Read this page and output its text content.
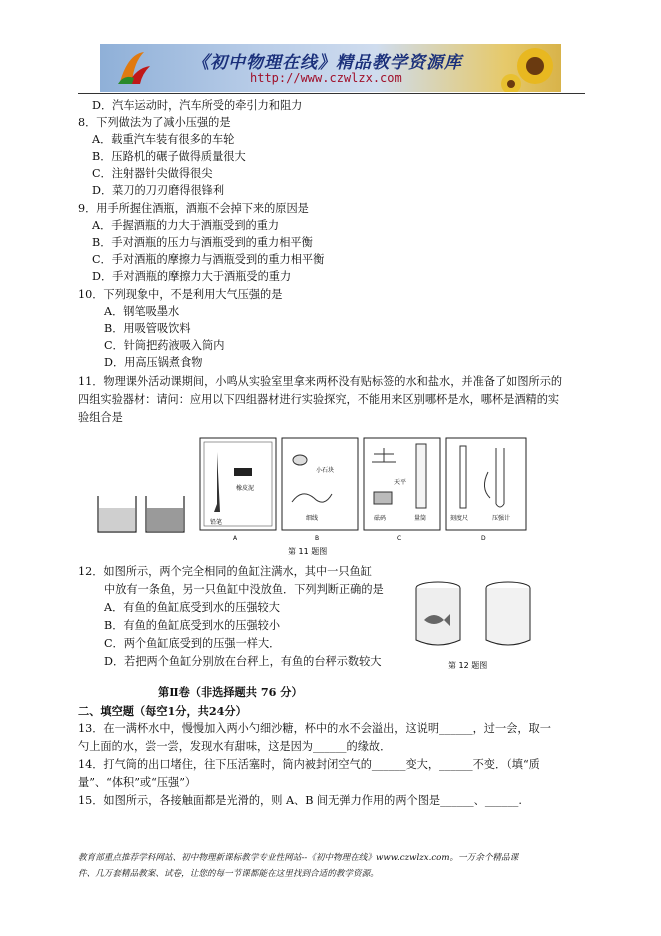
《初中物理在线》精品教学资源库
http://www.czwlzx.com
D．汽车运动时，汽车所受的牵引力和阻力
8．下列做法为了减小压强的是
A．载重汽车装有很多的车轮
B．压路机的碾子做得质量很大
C．注射器针尖做得很尖
D．菜刀的刀刃磨得很锋利
9．用手所握住酒瓶，酒瓶不会掉下来的原因是
A．手握酒瓶的力大于酒瓶受到的重力
B．手对酒瓶的压力与酒瓶受到的重力相平衡
C．手对酒瓶的摩擦力与酒瓶受到的重力相平衡
D．手对酒瓶的摩擦力大于酒瓶受的重力
10．下列现象中，不是利用大气压强的是
A．钢笔吸墨水
B．用吸管吸饮料
C．针筒把药液吸入筒内
D．用高压锅煮食物
11．物理课外活动课期间，小鸣从实验室里拿来两杯没有贴标签的水和盐水，并准备了如图所示的
四组实验器材：请问：应用以下四组器材进行实验探究，不能用来区别哪杯是水，哪杯是酒精的实
验组合是
橡皮泥
铅笔
小石块
细线
天平
砝码	量筒	刻度尺	压强计
A	B	C	D
第 11 题图
12．如图所示，两个完全相同的鱼缸注满水，其中一只鱼缸
中放有一条鱼，另一只鱼缸中没放鱼．下列判断正确的是
A．有鱼的鱼缸底受到水的压强较大
B．有鱼的鱼缸底受到水的压强较小
C．两个鱼缸底受到的压强一样大．
D．若把两个鱼缸分别放在台秤上，有鱼的台秤示数较大	第 12 题图
第Ⅱ卷（非选择题共 76 分）
二、填空题（每空1分，共24分）
13．在一满杯水中，慢慢加入两小勺细沙糖，杯中的水不会溢出，这说明______，过一会，取一
勺上面的水，尝一尝，发现水有甜味，这是因为______的缘故．
14．打气筒的出口堵住，往下压活塞时，筒内被封闭空气的______变大，______不变．（填“质
量”、“体积”或“压强”）
15．如图所示，各接触面都是光滑的，则 A、B 间无弹力作用的两个图是______、______.
教育部重点推荐学科网站、初中物理新课标教学专业性网站--《初中物理在线》www.czwlzx.com。一万余个精品课
件、几万套精品教案、试卷，让您的每一节课都能在这里找到合适的教学资源。
